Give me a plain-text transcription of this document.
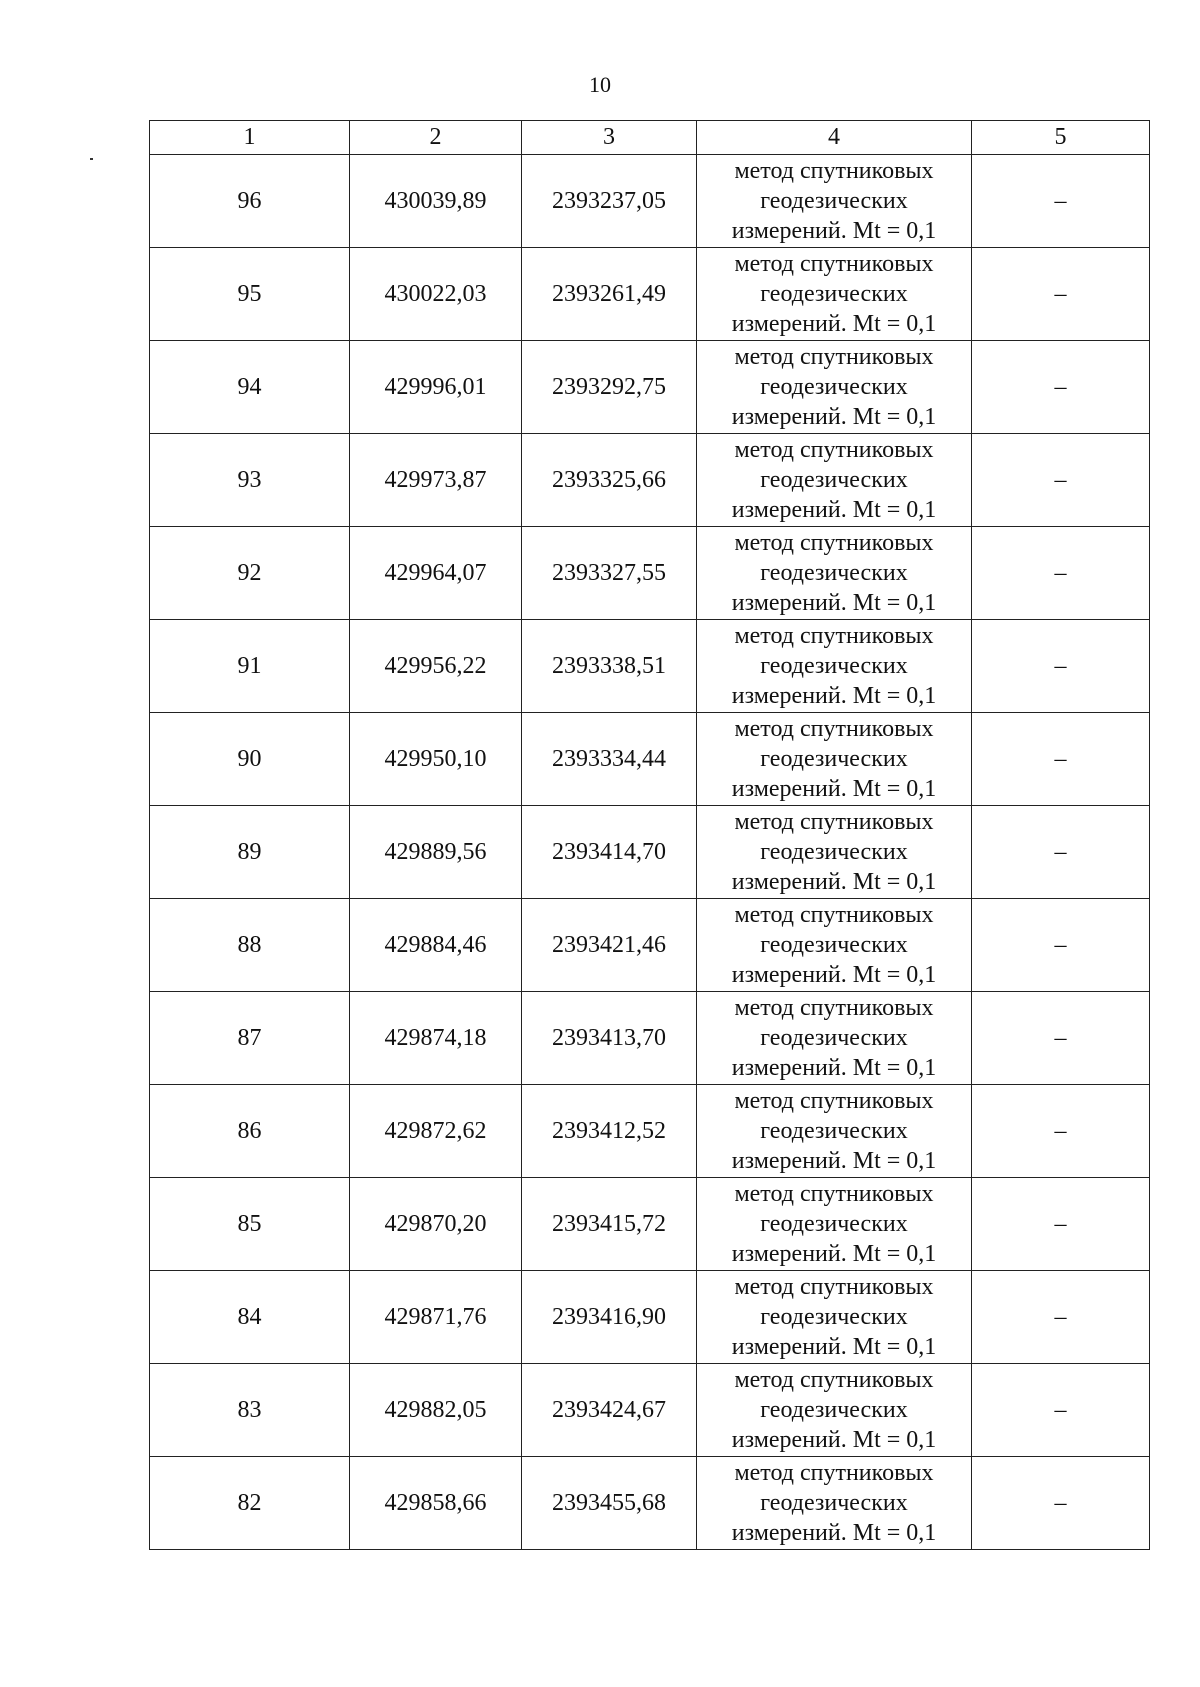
10
1	2	3	4	5
96	430039,89	2393237,05	метод спутниковых
геодезических
измерений. Mt = 0,1	–
95	430022,03	2393261,49	метод спутниковых
геодезических
измерений. Mt = 0,1	–
94	429996,01	2393292,75	метод спутниковых
геодезических
измерений. Mt = 0,1	–
93	429973,87	2393325,66	метод спутниковых
геодезических
измерений. Mt = 0,1	–
92	429964,07	2393327,55	метод спутниковых
геодезических
измерений. Mt = 0,1	–
91	429956,22	2393338,51	метод спутниковых
геодезических
измерений. Mt = 0,1	–
90	429950,10	2393334,44	метод спутниковых
геодезических
измерений. Mt = 0,1	–
89	429889,56	2393414,70	метод спутниковых
геодезических
измерений. Mt = 0,1	–
88	429884,46	2393421,46	метод спутниковых
геодезических
измерений. Mt = 0,1	–
87	429874,18	2393413,70	метод спутниковых
геодезических
измерений. Mt = 0,1	–
86	429872,62	2393412,52	метод спутниковых
геодезических
измерений. Mt = 0,1	–
85	429870,20	2393415,72	метод спутниковых
геодезических
измерений. Mt = 0,1	–
84	429871,76	2393416,90	метод спутниковых
геодезических
измерений. Mt = 0,1	–
83	429882,05	2393424,67	метод спутниковых
геодезических
измерений. Mt = 0,1	–
82	429858,66	2393455,68	метод спутниковых
геодезических
измерений. Mt = 0,1	–
